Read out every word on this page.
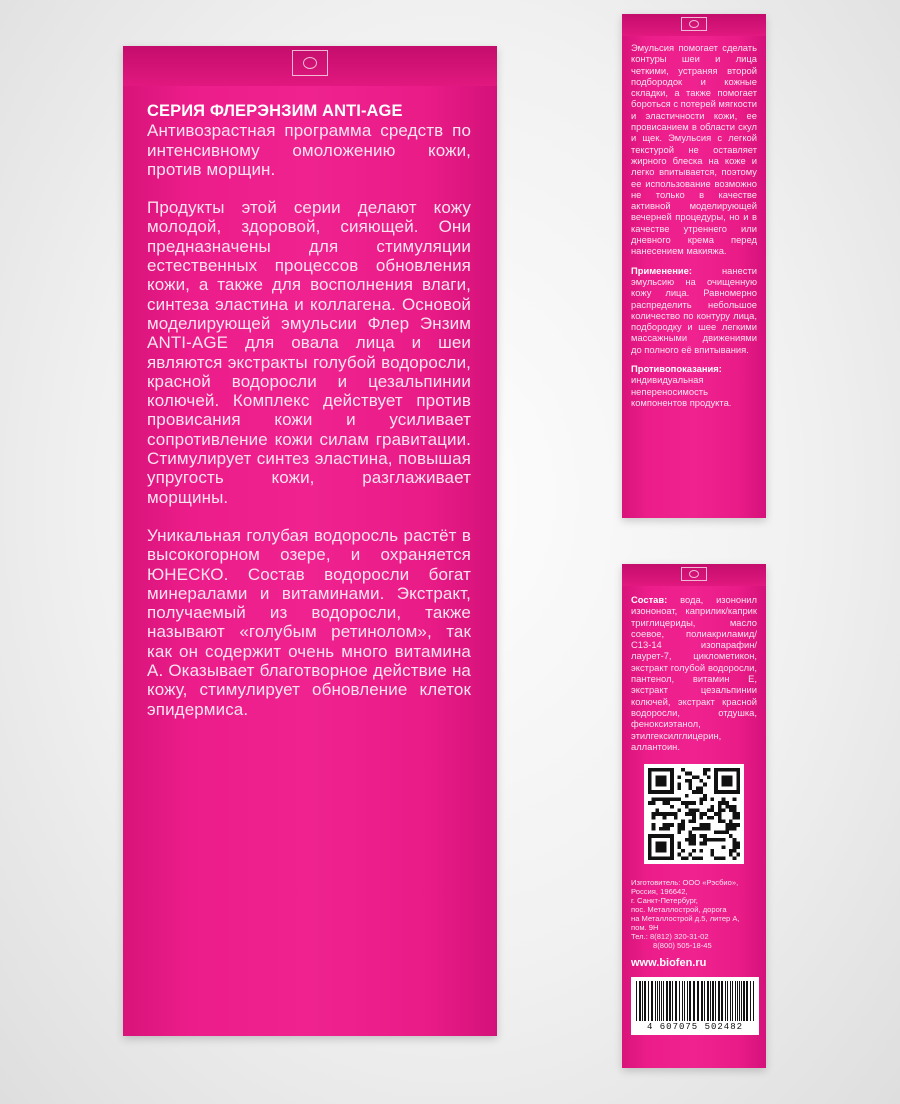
СЕРИЯ ФЛЕРЭНЗИМ ANTI-AGE
Антивозрастная программа средств по интенсивному омоложению кожи, против морщин.

Продукты этой серии делают кожу молодой, здоровой, сияющей. Они предназначены для стимуляции естественных процессов обновления кожи, а также для восполнения влаги, синтеза эластина и коллагена. Основой моделирующей эмульсии Флер Энзим ANTI-AGE для овала лица и шеи являются экстракты голубой водоросли, красной водоросли и цезальпинии колючей. Комплекс действует против провисания кожи и усиливает сопротивление кожи силам гравитации. Стимулирует синтез эластина, повышая упругость кожи, разглаживает морщины.

Уникальная голубая водоросль растёт в высокогорном озере, и охраняется ЮНЕСКО. Состав водоросли богат минералами и витаминами. Экстракт, получаемый из водоросли, также называют «голубым ретинолом», так как он содержит очень много витамина А. Оказывает благотворное действие на кожу, стимулирует обновление клеток эпидермиса.

Эмульсия помогает сделать контуры шеи и лица четкими, устраняя второй подбородок и кожные складки, а также помогает бороться с потерей мягкости и эластичности кожи, ее провисанием в области скул и щек. Эмульсия с легкой текстурой не оставляет жирного блеска на коже и легко впитывается, поэтому ее использование возможно не только в качестве активной моделирующей вечерней процедуры, но и в качестве утреннего или дневного крема перед нанесением макияжа.

Применение:	нанести эмульсию на очищенную кожу лица. Равномерно распределить небольшое количество по контуру лица, подбородку и шее легкими массажными движениями до полного её впитывания.

Противопоказания: индивидуальная непереносимость компонентов продукта.

Состав: вода, изононил изононоат, каприлик/каприк триглицериды, масло соевое, полиакриламид/С13-14 изопарафин/лаурет-7, циклометикон, экстракт голубой водоросли, пантенол, витамин Е, экстракт цезальпинии колючей, экстракт красной водоросли, отдушка, феноксиэтанол, этилгексилглицерин, аллантоин.

Изготовитель: ООО «Рэсбио»,
Россия, 196642,
г. Санкт-Петербург,
пос. Металлострой, дорога
на Металлострой д.5, литер А,
пом. 9Н
Тел.: 8(812) 320-31-02
8(800) 505-18-45
www.biofen.ru
4 607075 502482
